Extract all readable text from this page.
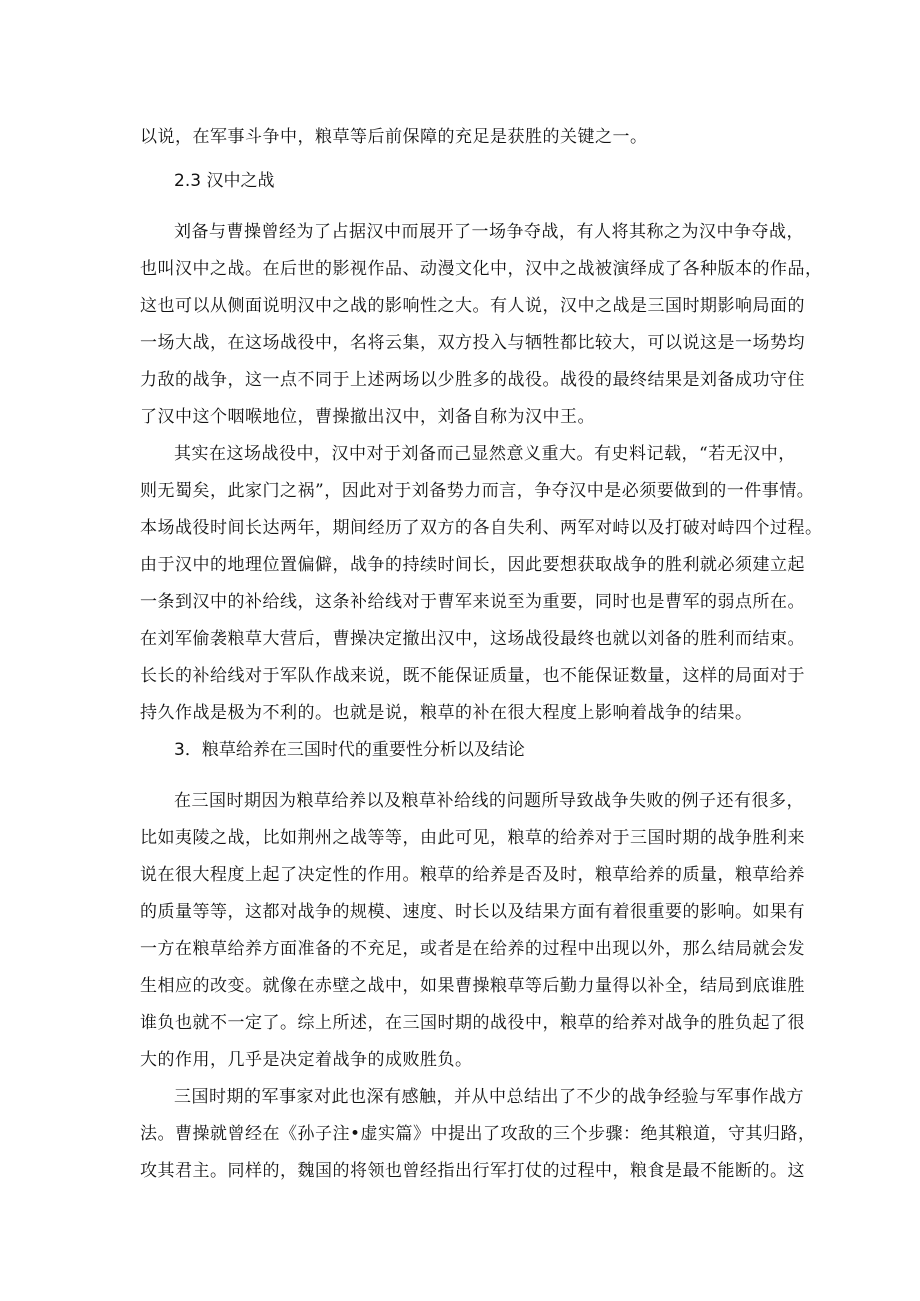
以说，在军事斗争中，粮草等后前保障的充足是获胜的关键之一。
2.3 汉中之战
刘备与曹操曾经为了占据汉中而展开了一场争夺战，有人将其称之为汉中争夺战，
也叫汉中之战。在后世的影视作品、动漫文化中，汉中之战被演绎成了各种版本的作品，
这也可以从侧面说明汉中之战的影响性之大。有人说，汉中之战是三国时期影响局面的
一场大战，在这场战役中，名将云集，双方投入与牺牲都比较大，可以说这是一场势均
力敌的战争，这一点不同于上述两场以少胜多的战役。战役的最终结果是刘备成功守住
了汉中这个咽喉地位，曹操撤出汉中，刘备自称为汉中王。
其实在这场战役中，汉中对于刘备而己显然意义重大。有史料记载，“若无汉中，
则无蜀矣，此家门之祸”，因此对于刘备势力而言，争夺汉中是必须要做到的一件事情。
本场战役时间长达两年，期间经历了双方的各自失利、两军对峙以及打破对峙四个过程。
由于汉中的地理位置偏僻，战争的持续时间长，因此要想获取战争的胜利就必须建立起
一条到汉中的补给线，这条补给线对于曹军来说至为重要，同时也是曹军的弱点所在。
在刘军偷袭粮草大营后，曹操决定撤出汉中，这场战役最终也就以刘备的胜利而结束。
长长的补给线对于军队作战来说，既不能保证质量，也不能保证数量，这样的局面对于
持久作战是极为不利的。也就是说，粮草的补在很大程度上影响着战争的结果。
3．粮草给养在三国时代的重要性分析以及结论
在三国时期因为粮草给养以及粮草补给线的问题所导致战争失败的例子还有很多，
比如夷陵之战，比如荆州之战等等，由此可见，粮草的给养对于三国时期的战争胜利来
说在很大程度上起了决定性的作用。粮草的给养是否及时，粮草给养的质量，粮草给养
的质量等等，这都对战争的规模、速度、时长以及结果方面有着很重要的影响。如果有
一方在粮草给养方面准备的不充足，或者是在给养的过程中出现以外，那么结局就会发
生相应的改变。就像在赤壁之战中，如果曹操粮草等后勤力量得以补全，结局到底谁胜
谁负也就不一定了。综上所述，在三国时期的战役中，粮草的给养对战争的胜负起了很
大的作用，几乎是决定着战争的成败胜负。
三国时期的军事家对此也深有感触，并从中总结出了不少的战争经验与军事作战方
法。曹操就曾经在《孙子注•虚实篇》中提出了攻敌的三个步骤：绝其粮道，守其归路，
攻其君主。同样的，魏国的将领也曾经指出行军打仗的过程中，粮食是最不能断的。这
